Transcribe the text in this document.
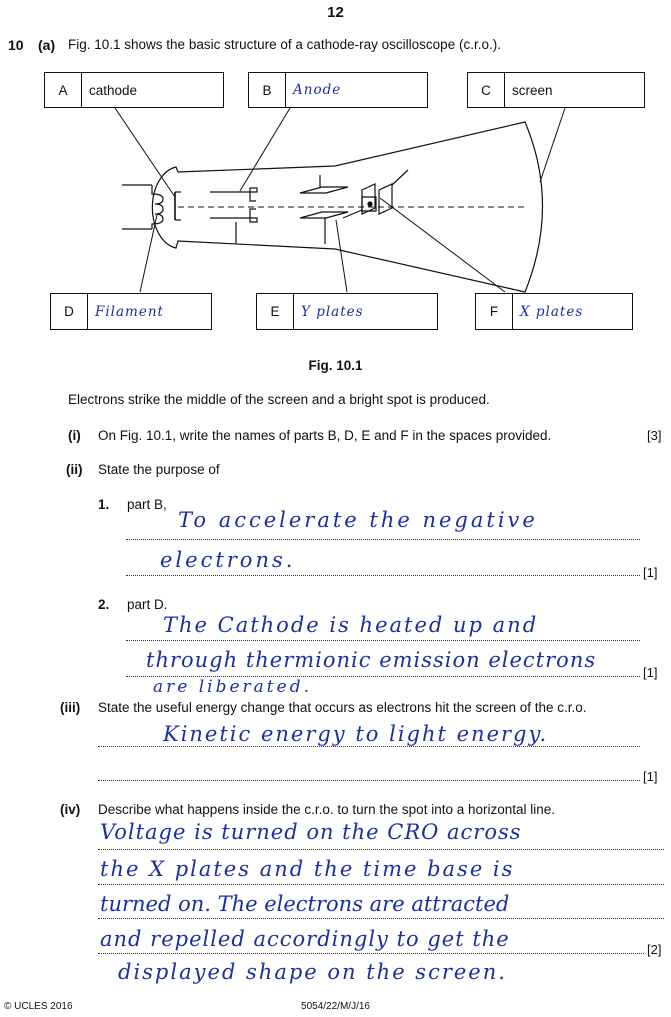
12
10 (a) Fig. 10.1 shows the basic structure of a cathode-ray oscilloscope (c.r.o.).
A	cathode	B	Anode	C	screen
D	Filament	E	Y plates	F	X plates
Fig. 10.1
Electrons strike the middle of the screen and a bright spot is produced.
(i) On Fig. 10.1, write the names of parts B, D, E and F in the spaces provided.	[3]
(ii) State the purpose of
1. part B,
To accelerate the negative
electrons.
[1]
2. part D.
The Cathode is heated up and
through thermionic emission electrons
are liberated.
[1]
(iii) State the useful energy change that occurs as electrons hit the screen of the c.r.o.
Kinetic energy to light energy.
[1]
(iv) Describe what happens inside the c.r.o. to turn the spot into a horizontal line.
Voltage is turned on the CRO across
the X plates and the time base is
turned on. The electrons are attracted
and repelled accordingly to get the	[2]
displayed shape on the screen.
© UCLES 2016	5054/22/M/J/16
